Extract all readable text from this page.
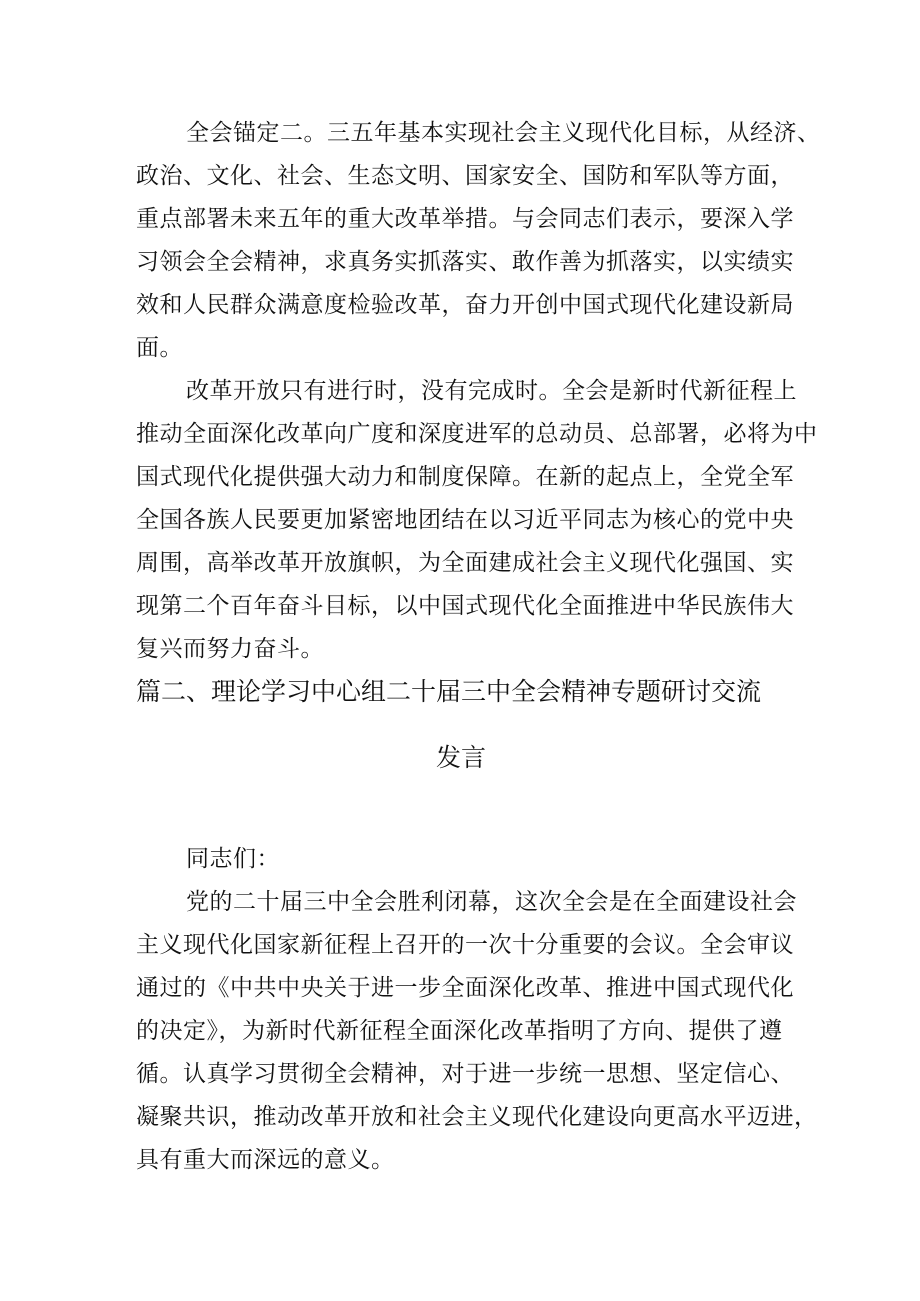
全会锚定二。三五年基本实现社会主义现代化目标，从经济、
政治、文化、社会、生态文明、国家安全、国防和军队等方面，
重点部署未来五年的重大改革举措。与会同志们表示，要深入学
习领会全会精神，求真务实抓落实、敢作善为抓落实，以实绩实
效和人民群众满意度检验改革，奋力开创中国式现代化建设新局
面。
改革开放只有进行时，没有完成时。全会是新时代新征程上
推动全面深化改革向广度和深度进军的总动员、总部署，必将为中
国式现代化提供强大动力和制度保障。在新的起点上，全党全军
全国各族人民要更加紧密地团结在以习近平同志为核心的党中央
周围，高举改革开放旗帜，为全面建成社会主义现代化强国、实
现第二个百年奋斗目标，以中国式现代化全面推进中华民族伟大
复兴而努力奋斗。
篇二、理论学习中心组二十届三中全会精神专题研讨交流
发言
同志们：
党的二十届三中全会胜利闭幕，这次全会是在全面建设社会
主义现代化国家新征程上召开的一次十分重要的会议。全会审议
通过的《中共中央关于进一步全面深化改革、推进中国式现代化
的决定》，为新时代新征程全面深化改革指明了方向、提供了遵
循。认真学习贯彻全会精神，对于进一步统一思想、坚定信心、
凝聚共识，推动改革开放和社会主义现代化建设向更高水平迈进，
具有重大而深远的意义。
